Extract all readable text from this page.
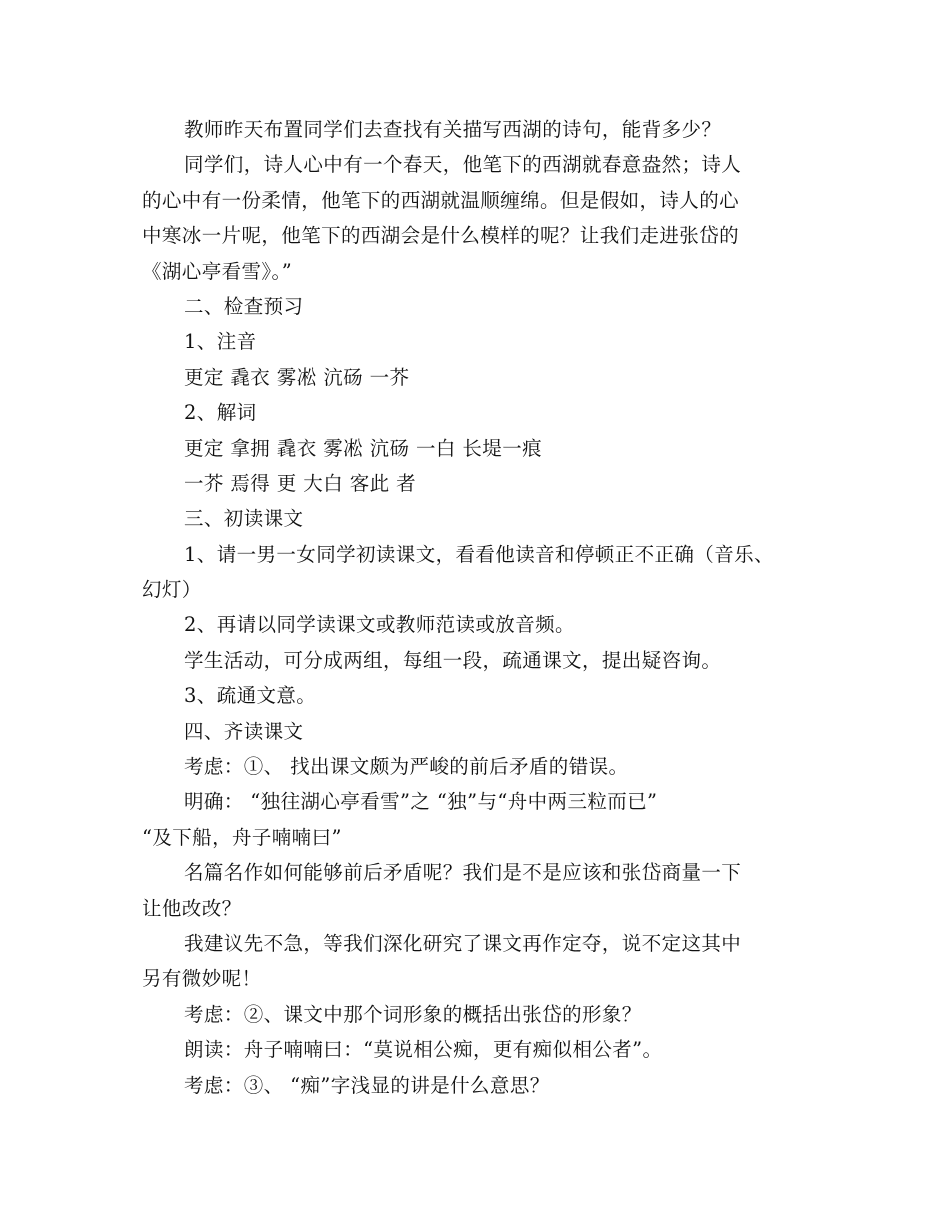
教师昨天布置同学们去查找有关描写西湖的诗句，能背多少？
同学们，诗人心中有一个春天，他笔下的西湖就春意盎然；诗人
的心中有一份柔情，他笔下的西湖就温顺缠绵。但是假如，诗人的心
中寒冰一片呢，他笔下的西湖会是什么模样的呢？让我们走进张岱的
《湖心亭看雪》。”
二、检查预习
1、注音
更定 毳衣 雾凇 沆砀 一芥
2、解词
更定 拿拥 毳衣 雾凇 沆砀 一白 长堤一痕
一芥 焉得 更 大白 客此 者
三、初读课文
1、请一男一女同学初读课文，看看他读音和停顿正不正确（音乐、
幻灯）
2、再请以同学读课文或教师范读或放音频。
学生活动，可分成两组，每组一段，疏通课文，提出疑咨询。
3、疏通文意。
四、齐读课文
考虑：①、 找出课文颇为严峻的前后矛盾的错误。
明确： “独往湖心亭看雪”之 “独”与“舟中两三粒而已”
“及下船，舟子喃喃曰”
名篇名作如何能够前后矛盾呢？我们是不是应该和张岱商量一下
让他改改？
我建议先不急，等我们深化研究了课文再作定夺，说不定这其中
另有微妙呢！
考虑：②、课文中那个词形象的概括出张岱的形象？
朗读：舟子喃喃曰：“莫说相公痴，更有痴似相公者”。
考虑：③、 “痴”字浅显的讲是什么意思？
